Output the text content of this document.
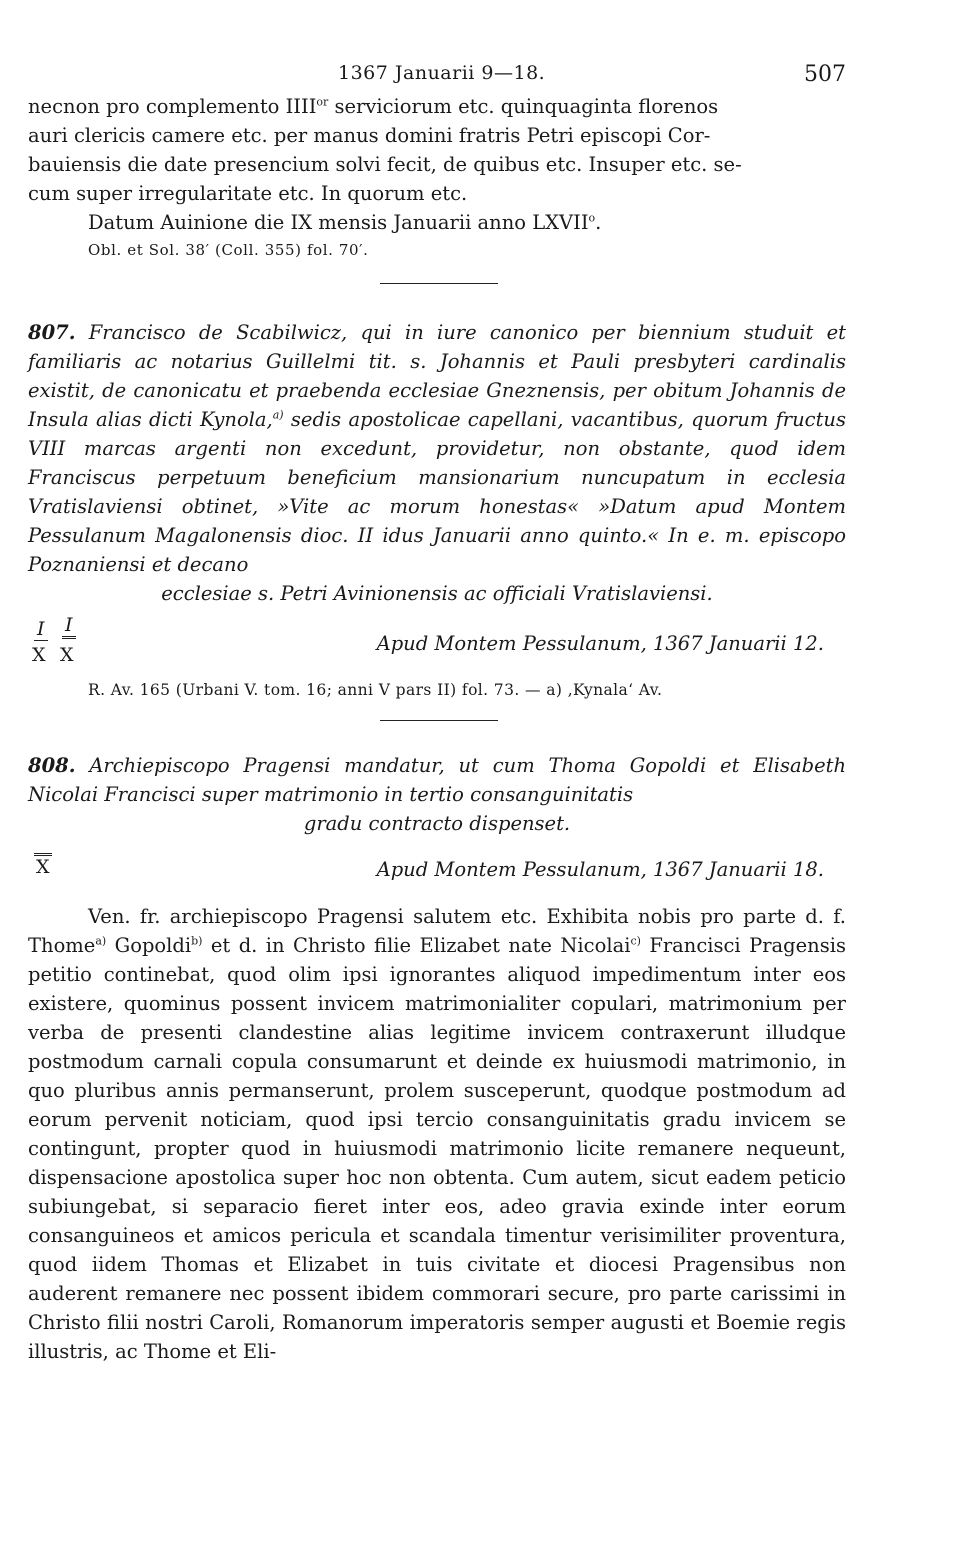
1367 Januarii 9—18.	507

necnon pro complemento $IIII^{or}$ serviciorum etc. quinquaginta florenos

auri clericis camere etc. per manus domini fratris Petri episcopi Cor-

bauiensis die date presencium solvi fecit, de quibus etc. Insuper etc. se-

cum super irregularitate etc. In quorum etc.

Datum Auinione die IX mensis Januarii anno LXVII$^o$.

Obl. et Sol. 38′ (Coll. 355) fol. 70′.

807. Francisco de Scabilwicz, qui in iure canonico per biennium studuit et familiaris ac notarius Guillelmi tit. s. Johannis et Pauli presbyteri cardinalis existit, de canonicatu et praebenda ecclesiae Gneznensis, per obitum Johannis de Insula alias dicti Kynola,$^{a)}$ sedis apostolicae capellani, vacantibus, quorum fructus VIII marcas argenti non excedunt, providetur, non obstante, quod idem Franciscus perpetuum beneficium mansionarium nuncupatum in ecclesia Vratislaviensi obtinet, »Vite ac morum honestas« »Datum apud Montem Pessulanum Magalonensis dioc. II idus Januarii anno quinto.« In e. m. episcopo Poznaniensi et decano

ecclesiae s. Petri Avinionensis ac officiali Vratislaviensi.

I I
X X	Apud Montem Pessulanum, 1367 Januarii 12.

R. Av. 165 (Urbani V. tom. 16; anni V pars II) fol. 73. — a) ‚Kynala‘ Av.

808. Archiepiscopo Pragensi mandatur, ut cum Thoma Gopoldi et Elisabeth Nicolai Francisci super matrimonio in tertio consanguinitatis

gradu contracto dispenset.

X	Apud Montem Pessulanum, 1367 Januarii 18.

Ven. fr. archiepiscopo Pragensi salutem etc. Exhibita nobis pro parte d. f. Thome$^{a)}$ Gopoldi$^{b)}$ et d. in Christo filie Elizabet nate Nicolai$^{c)}$ Francisci Pragensis petitio continebat, quod olim ipsi ignorantes aliquod impedimentum inter eos existere, quominus possent invicem matrimonialiter copulari, matrimonium per verba de presenti clandestine alias legitime invicem contraxerunt illudque postmodum carnali copula consumarunt et deinde ex huiusmodi matrimonio, in quo pluribus annis permanserunt, prolem susceperunt, quodque postmodum ad eorum pervenit noticiam, quod ipsi tercio consanguinitatis gradu invicem se contingunt, propter quod in huiusmodi matrimonio licite remanere nequeunt, dispensacione apostolica super hoc non obtenta. Cum autem, sicut eadem peticio subiungebat, si separacio fieret inter eos, adeo gravia exinde inter eorum consanguineos et amicos pericula et scandala timentur verisimiliter proventura, quod iidem Thomas et Elizabet in tuis civitate et diocesi Pragensibus non auderent remanere nec possent ibidem commorari secure, pro parte carissimi in Christo filii nostri Caroli, Romanorum imperatoris semper augusti et Boemie regis illustris, ac Thome et Eli-
